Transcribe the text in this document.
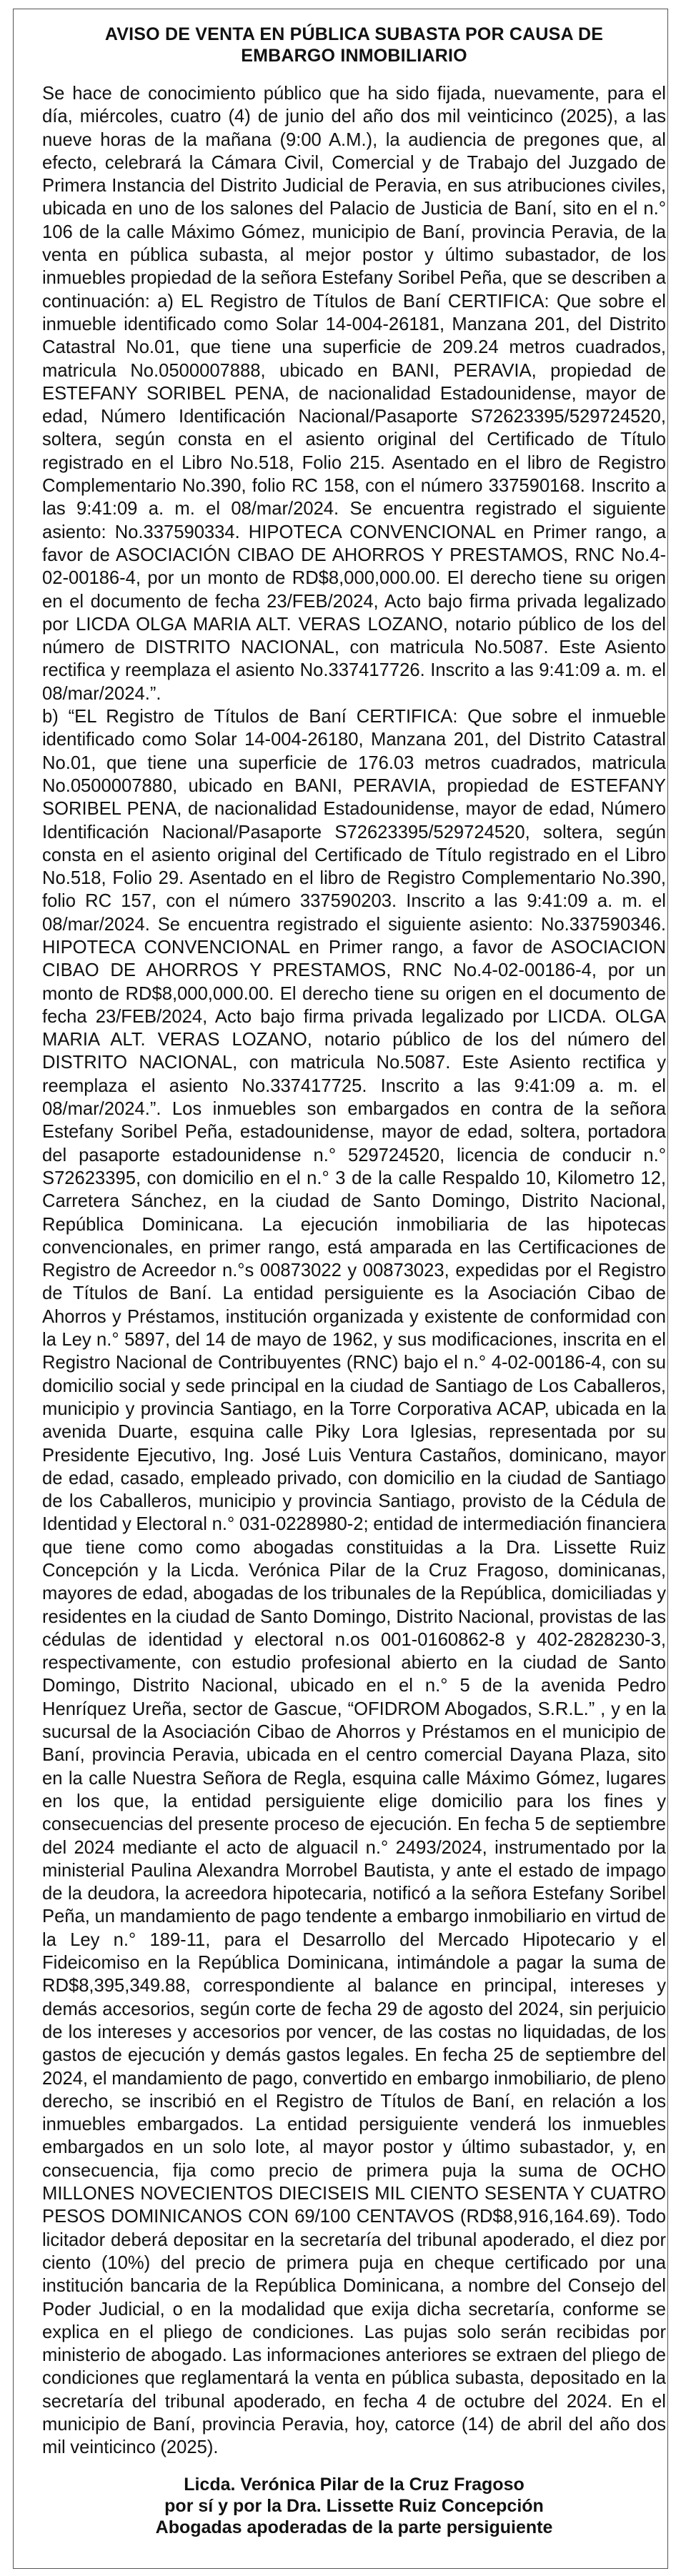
AVISO DE VENTA EN PÚBLICA SUBASTA POR CAUSA DE
EMBARGO INMOBILIARIO

Se hace de conocimiento público que ha sido fijada, nuevamente, para el día, miércoles, cuatro (4) de junio del año dos mil veinticinco (2025), a las nueve horas de la mañana (9:00 A.M.), la audiencia de pregones que, al efecto, celebrará la Cámara Civil, Comercial y de Trabajo del Juzgado de Primera Instancia del Distrito Judicial de Peravia, en sus atribuciones civiles, ubicada en uno de los salones del Palacio de Justicia de Baní, sito en el n.° 106 de la calle Máximo Gómez, municipio de Baní, provincia Peravia, de la venta en pública subasta, al mejor postor y último subastador, de los inmuebles propiedad de la señora Estefany Soribel Peña, que se describen a continuación: a) EL Registro de Títulos de Baní CERTIFICA: Que sobre el inmueble identificado como Solar 14-004-26181, Manzana 201, del Distrito Catastral No.01, que tiene una superficie de 209.24 metros cuadrados, matricula No.0500007888, ubicado en BANI, PERAVIA, propiedad de ESTEFANY SORIBEL PENA, de nacionalidad Estadounidense, mayor de edad, Número Identificación Nacional/Pasaporte S72623395/529724520, soltera, según consta en el asiento original del Certificado de Título registrado en el Libro No.518, Folio 215. Asentado en el libro de Registro Complementario No.390, folio RC 158, con el número 337590168. Inscrito a las 9:41:09 a. m. el 08/mar/2024. Se encuentra registrado el siguiente asiento: No.337590334. HIPOTECA CONVENCIONAL en Primer rango, a favor de ASOCIACIÓN CIBAO DE AHORROS Y PRESTAMOS, RNC No.4-02-00186-4, por un monto de RD$8,000,000.00. El derecho tiene su origen en el documento de fecha 23/FEB/2024, Acto bajo firma privada legalizado por LICDA OLGA MARIA ALT. VERAS LOZANO, notario público de los del número de DISTRITO NACIONAL, con matricula No.5087. Este Asiento rectifica y reemplaza el asiento No.337417726. Inscrito a las 9:41:09 a. m. el 08/mar/2024.”.

b) “EL Registro de Títulos de Baní CERTIFICA: Que sobre el inmueble identificado como Solar 14-004-26180, Manzana 201, del Distrito Catastral No.01, que tiene una superficie de 176.03 metros cuadrados, matricula No.0500007880, ubicado en BANI, PERAVIA, propiedad de ESTEFANY SORIBEL PENA, de nacionalidad Estadounidense, mayor de edad, Número Identificación Nacional/Pasaporte S72623395/529724520, soltera, según consta en el asiento original del Certificado de Título registrado en el Libro No.518, Folio 29. Asentado en el libro de Registro Complementario No.390, folio RC 157, con el número 337590203. Inscrito a las 9:41:09 a. m. el 08/mar/2024. Se encuentra registrado el siguiente asiento: No.337590346. HIPOTECA CONVENCIONAL en Primer rango, a favor de ASOCIACION CIBAO DE AHORROS Y PRESTAMOS, RNC No.4-02-00186-4, por un monto de RD$8,000,000.00. El derecho tiene su origen en el documento de fecha 23/FEB/2024, Acto bajo firma privada legalizado por LICDA. OLGA MARIA ALT. VERAS LOZANO, notario público de los del número del DISTRITO NACIONAL, con matricula No.5087. Este Asiento rectifica y reemplaza el asiento No.337417725. Inscrito a las 9:41:09 a. m. el 08/mar/2024.”. Los inmuebles son embargados en contra de la señora Estefany Soribel Peña, estadounidense, mayor de edad, soltera, portadora del pasaporte estadounidense n.° 529724520, licencia de conducir n.° S72623395, con domicilio en el n.° 3 de la calle Respaldo 10, Kilometro 12, Carretera Sánchez, en la ciudad de Santo Domingo, Distrito Nacional, República Dominicana. La ejecución inmobiliaria de las hipotecas convencionales, en primer rango, está amparada en las Certificaciones de Registro de Acreedor n.°s 00873022 y 00873023, expedidas por el Registro de Títulos de Baní. La entidad persiguiente es la Asociación Cibao de Ahorros y Préstamos, institución organizada y existente de conformidad con la Ley n.° 5897, del 14 de mayo de 1962, y sus modificaciones, inscrita en el Registro Nacional de Contribuyentes (RNC) bajo el n.° 4-02-00186-4, con su domicilio social y sede principal en la ciudad de Santiago de Los Caballeros, municipio y provincia Santiago, en la Torre Corporativa ACAP, ubicada en la avenida Duarte, esquina calle Piky Lora Iglesias, representada por su Presidente Ejecutivo, Ing. José Luis Ventura Castaños, dominicano, mayor de edad, casado, empleado privado, con domicilio en la ciudad de Santiago de los Caballeros, municipio y provincia Santiago, provisto de la Cédula de Identidad y Electoral n.° 031-0228980-2; entidad de intermediación financiera que tiene como como abogadas constituidas a la Dra. Lissette Ruiz Concepción y la Licda. Verónica Pilar de la Cruz Fragoso, dominicanas, mayores de edad, abogadas de los tribunales de la República, domiciliadas y residentes en la ciudad de Santo Domingo, Distrito Nacional, provistas de las cédulas de identidad y electoral n.os 001-0160862-8 y 402-2828230-3, respectivamente, con estudio profesional abierto en la ciudad de Santo Domingo, Distrito Nacional, ubicado en el n.° 5 de la avenida Pedro Henríquez Ureña, sector de Gascue, “OFIDROM Abogados, S.R.L.” , y en la sucursal de la Asociación Cibao de Ahorros y Préstamos en el municipio de Baní, provincia Peravia, ubicada en el centro comercial Dayana Plaza, sito en la calle Nuestra Señora de Regla, esquina calle Máximo Gómez, lugares en los que, la entidad persiguiente elige domicilio para los fines y consecuencias del presente proceso de ejecución. En fecha 5 de septiembre del 2024 mediante el acto de alguacil n.° 2493/2024, instrumentado por la ministerial Paulina Alexandra Morrobel Bautista, y ante el estado de impago de la deudora, la acreedora hipotecaria, notificó a la señora Estefany Soribel Peña, un mandamiento de pago tendente a embargo inmobiliario en virtud de la Ley n.° 189-11, para el Desarrollo del Mercado Hipotecario y el Fideicomiso en la República Dominicana, intimándole a pagar la suma de RD$8,395,349.88, correspondiente al balance en principal, intereses y demás accesorios, según corte de fecha 29 de agosto del 2024, sin perjuicio de los intereses y accesorios por vencer, de las costas no liquidadas, de los gastos de ejecución y demás gastos legales. En fecha 25 de septiembre del 2024, el mandamiento de pago, convertido en embargo inmobiliario, de pleno derecho, se inscribió en el Registro de Títulos de Baní, en relación a los inmuebles embargados. La entidad persiguiente venderá los inmuebles embargados en un solo lote, al mayor postor y último subastador, y, en consecuencia, fija como precio de primera puja la suma de OCHO MILLONES NOVECIENTOS DIECISEIS MIL CIENTO SESENTA Y CUATRO PESOS DOMINICANOS CON 69/100 CENTAVOS (RD$8,916,164.69). Todo licitador deberá depositar en la secretaría del tribunal apoderado, el diez por ciento (10%) del precio de primera puja en cheque certificado por una institución bancaria de la República Dominicana, a nombre del Consejo del Poder Judicial, o en la modalidad que exija dicha secretaría, conforme se explica en el pliego de condiciones. Las pujas solo serán recibidas por ministerio de abogado. Las informaciones anteriores se extraen del pliego de condiciones que reglamentará la venta en pública subasta, depositado en la secretaría del tribunal apoderado, en fecha 4 de octubre del 2024. En el municipio de Baní, provincia Peravia, hoy, catorce (14) de abril del año dos mil veinticinco (2025).

Licda. Verónica Pilar de la Cruz Fragoso
por sí y por la Dra. Lissette Ruiz Concepción
Abogadas apoderadas de la parte persiguiente
